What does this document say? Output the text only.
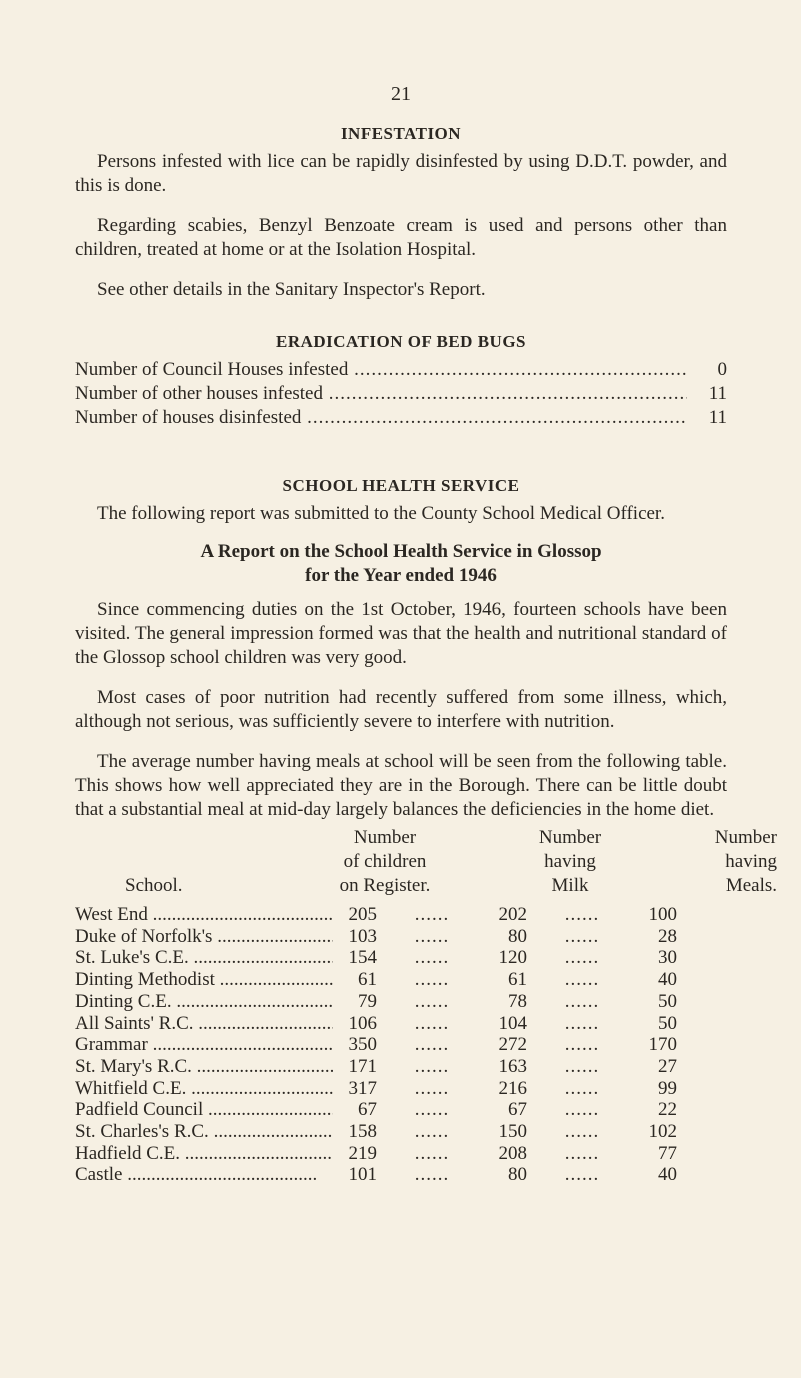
21
INFESTATION

Persons infested with lice can be rapidly disinfested by using D.D.T. powder, and this is done.

Regarding scabies, Benzyl Benzoate cream is used and persons other than children, treated at home or at the Isolation Hospital.

See other details in the Sanitary Inspector's Report.

ERADICATION OF BED BUGS
Number of Council Houses infested .....	0
Number of other houses infested .....	11
Number of houses disinfested .....	11
SCHOOL HEALTH SERVICE

The following report was submitted to the County School Medical Officer.

A Report on the School Health Service in Glossop
for the Year ended 1946

Since commencing duties on the 1st October, 1946, fourteen schools have been visited. The general impression formed was that the health and nutritional standard of the Glossop school children was very good.

Most cases of poor nutrition had recently suffered from some illness, which, although not serious, was sufficiently severe to interfere with nutrition.

The average number having meals at school will be seen from the following table. This shows how well appreciated they are in the Borough. There can be little doubt that a substantial meal at mid-day largely balances the deficiencies in the home diet.

School.
Number
of children
on Register.
Number
having
Milk
Number
having
Meals.
West End .....	205	......	202	......	100

Duke of Norfolk's .....	103	......	80	......	28

St. Luke's C.E. .....	154	......	120	......	30

Dinting Methodist .....	61	......	61	......	40

Dinting C.E. .....	79	......	78	......	50

All Saints' R.C. .....	106	......	104	......	50

Grammar .....	350	......	272	......	170

St. Mary's R.C. .....	171	......	163	......	27

Whitfield C.E. .....	317	......	216	......	99

Padfield Council .....	67	......	67	......	22

St. Charles's R.C. .....	158	......	150	......	102

Hadfield C.E. .....	219	......	208	......	77

Castle .....	101	......	80	......	40
